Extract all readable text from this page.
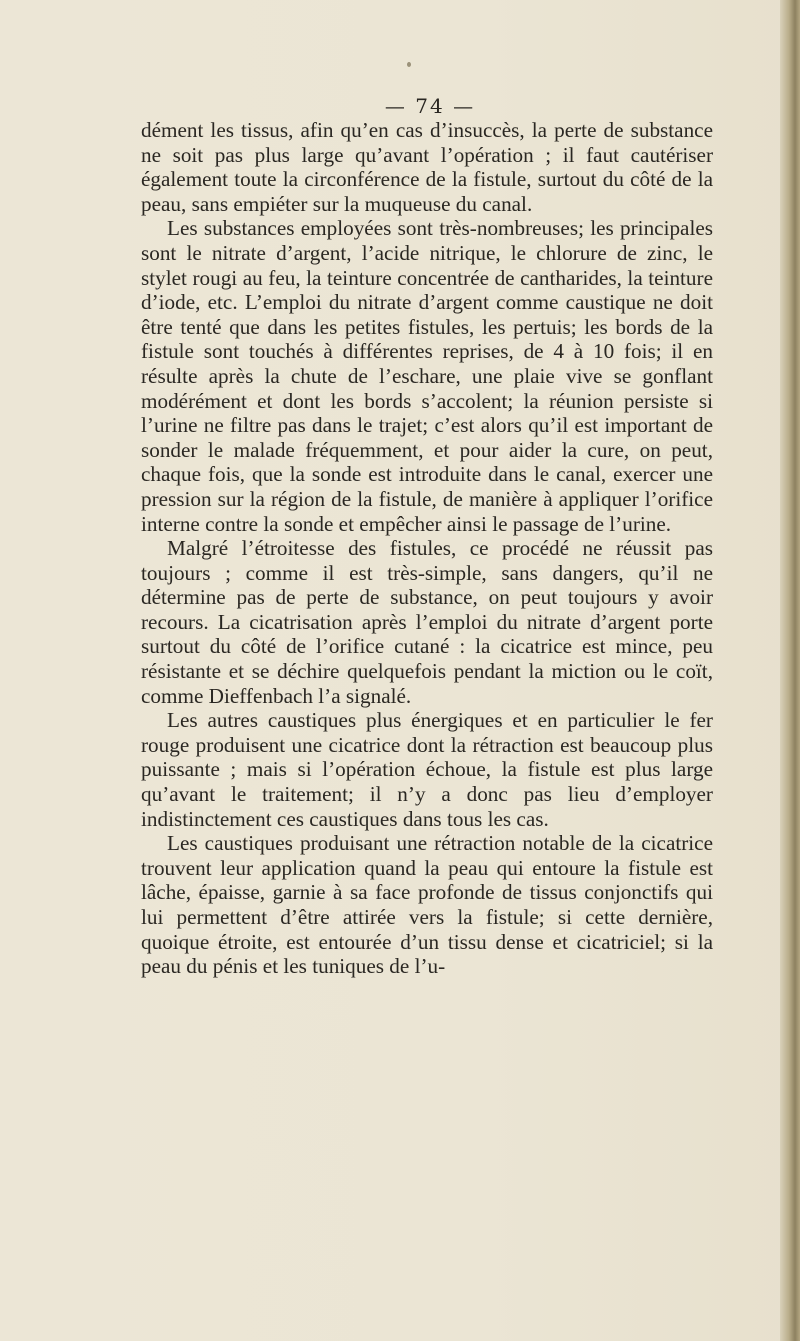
— 74 —

dément les tissus, afin qu’en cas d’insuccès, la perte de substance ne soit pas plus large qu’avant l’opération ; il faut cautériser également toute la circonférence de la fistule, surtout du côté de la peau, sans empiéter sur la muqueuse du canal.

Les substances employées sont très-nombreuses; les principales sont le nitrate d’argent, l’acide nitrique, le chlorure de zinc, le stylet rougi au feu, la teinture concentrée de cantharides, la teinture d’iode, etc. L’emploi du nitrate d’argent comme caustique ne doit être tenté que dans les petites fistules, les pertuis; les bords de la fistule sont touchés à différentes reprises, de 4 à 10 fois; il en résulte après la chute de l’eschare, une plaie vive se gonflant modérément et dont les bords s’accolent; la réunion persiste si l’urine ne filtre pas dans le trajet; c’est alors qu’il est important de sonder le malade fréquemment, et pour aider la cure, on peut, chaque fois, que la sonde est introduite dans le canal, exercer une pression sur la région de la fistule, de manière à appliquer l’orifice interne contre la sonde et empêcher ainsi le passage de l’urine.

Malgré l’étroitesse des fistules, ce procédé ne réussit pas toujours ; comme il est très-simple, sans dangers, qu’il ne détermine pas de perte de substance, on peut toujours y avoir recours. La cicatrisation après l’emploi du nitrate d’argent porte surtout du côté de l’orifice cutané : la cicatrice est mince, peu résistante et se déchire quelquefois pendant la miction ou le coït, comme Dieffenbach l’a signalé.

Les autres caustiques plus énergiques et en particulier le fer rouge produisent une cicatrice dont la rétraction est beaucoup plus puissante ; mais si l’opération échoue, la fistule est plus large qu’avant le traitement; il n’y a donc pas lieu d’employer indistinctement ces caustiques dans tous les cas.

Les caustiques produisant une rétraction notable de la cicatrice trouvent leur application quand la peau qui entoure la fistule est lâche, épaisse, garnie à sa face profonde de tissus conjonctifs qui lui permettent d’être attirée vers la fistule; si cette dernière, quoique étroite, est entourée d’un tissu dense et cicatriciel; si la peau du pénis et les tuniques de l’u-
